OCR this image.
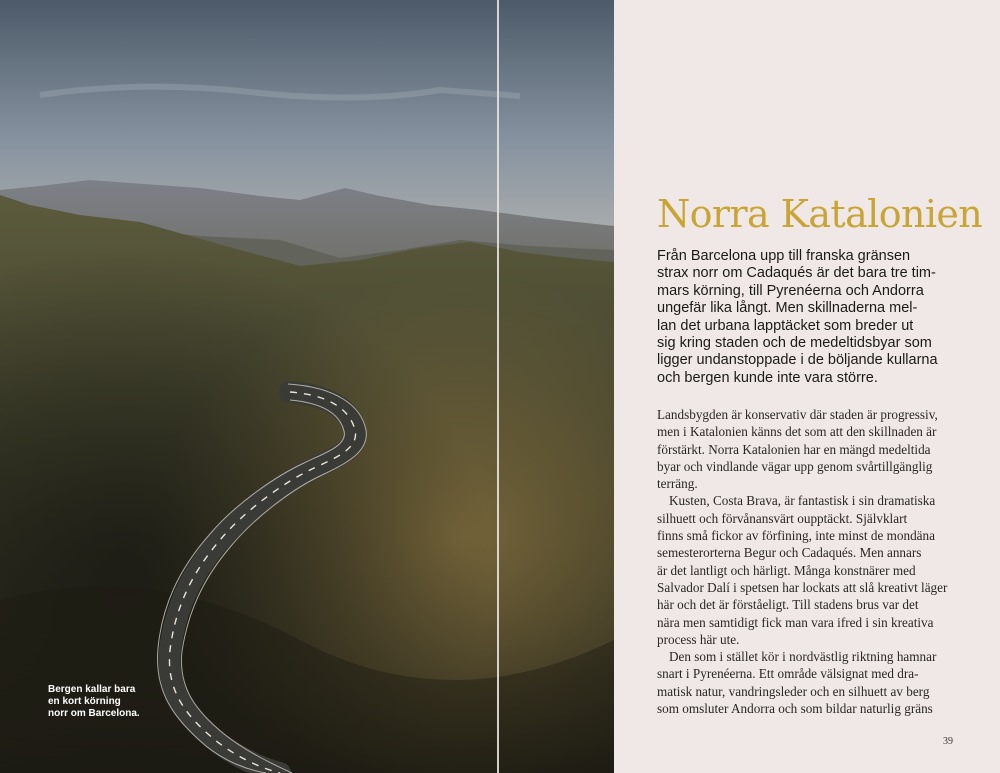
Bergen kallar bara
en kort körning
norr om Barcelona.
Norra Katalonien
Från Barcelona upp till franska gränsen
strax norr om Cadaqués är det bara tre tim-
mars körning, till Pyrenéerna och Andorra
ungefär lika långt. Men skillnaderna mel-
lan det urbana lapptäcket som breder ut
sig kring staden och de medeltidsbyar som
ligger undanstoppade i de böljande kullarna
och bergen kunde inte vara större.
Landsbygden är konservativ där staden är progressiv,
men i Katalonien känns det som att den skillnaden är
förstärkt. Norra Katalonien har en mängd medeltida
byar och vindlande vägar upp genom svårtillgänglig
terräng.
Kusten, Costa Brava, är fantastisk i sin dramatiska
silhuett och förvånansvärt oupptäckt. Självklart
finns små fickor av förfining, inte minst de mondäna
semesterorterna Begur och Cadaqués. Men annars
är det lantligt och härligt. Många konstnärer med
Salvador Dalí i spetsen har lockats att slå kreativt läger
här och det är förståeligt. Till stadens brus var det
nära men samtidigt fick man vara ifred i sin kreativa
process här ute.
Den som i stället kör i nordvästlig riktning hamnar
snart i Pyrenéerna. Ett område välsignat med dra-
matisk natur, vandringsleder och en silhuett av berg
som omsluter Andorra och som bildar naturlig gräns
39
